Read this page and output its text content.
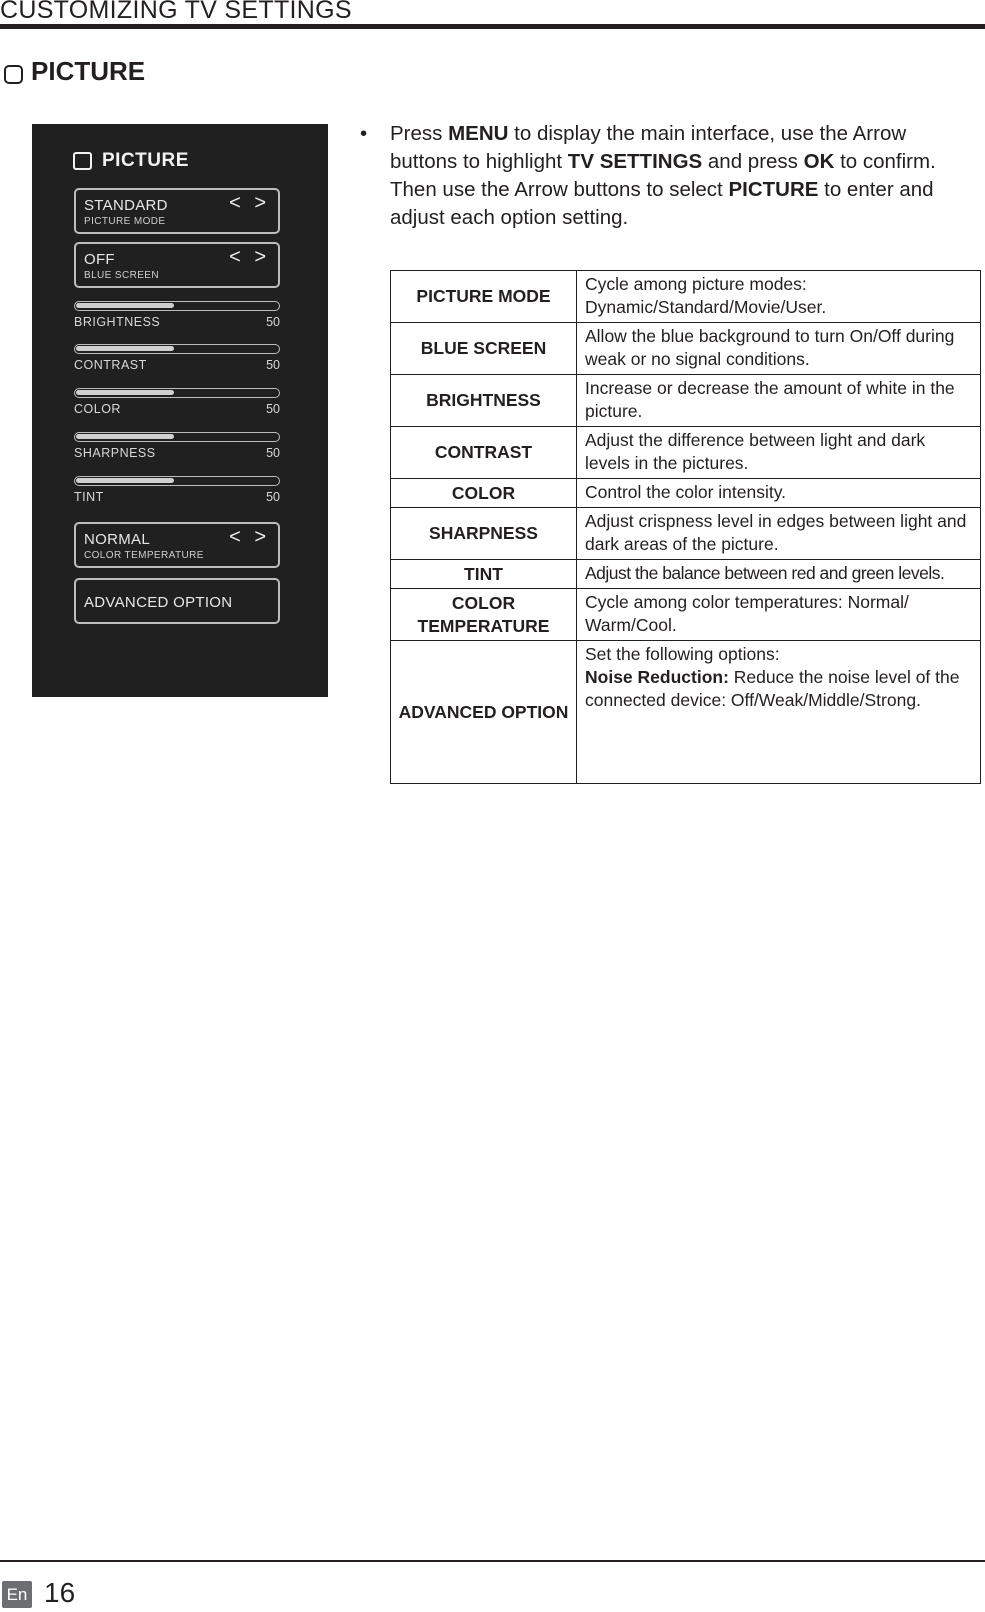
CUSTOMIZING TV SETTINGS
PICTURE
PICTURE
STANDARD
PICTURE MODE
< >
OFF
BLUE SCREEN
< >
BRIGHTNESS	50
CONTRAST	50
COLOR	50
SHARPNESS	50
TINT	50
NORMAL
COLOR TEMPERATURE
< >
ADVANCED OPTION
•	Press MENU to display the main interface, use the Arrow buttons to highlight TV SETTINGS and press OK to confirm. Then use the Arrow buttons to select PICTURE to enter and adjust each option setting.
PICTURE MODE	Cycle among picture modes: Dynamic/Standard/Movie/User.
BLUE SCREEN	Allow the blue background to turn On/Off during weak or no signal conditions.
BRIGHTNESS	Increase or decrease the amount of white in the picture.
CONTRAST	Adjust the difference between light and dark levels in the pictures.
COLOR	Control the color intensity.
SHARPNESS	Adjust crispness level in edges between light and dark areas of the picture.
TINT	Adjust the balance between red and green levels.
COLOR TEMPERATURE	Cycle among color temperatures: Normal/ Warm/Cool.
ADVANCED OPTION	Set the following options:
Noise Reduction: Reduce the noise level of the connected device: Off/Weak/Middle/Strong.
En 16
